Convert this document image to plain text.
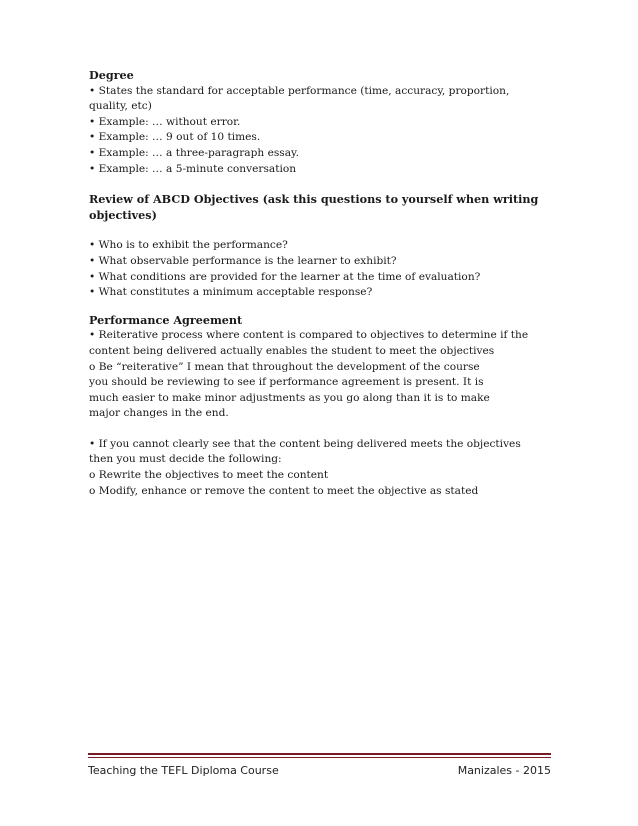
Degree
• States the standard for acceptable performance (time, accuracy, proportion,
quality, etc)
• Example: … without error.
• Example: … 9 out of 10 times.
• Example: … a three-paragraph essay.
• Example: … a 5-minute conversation
Review of ABCD Objectives (ask this questions to yourself when writing objectives)
• Who is to exhibit the performance?
• What observable performance is the learner to exhibit?
• What conditions are provided for the learner at the time of evaluation?
• What constitutes a minimum acceptable response?
Performance Agreement
• Reiterative process where content is compared to objectives to determine if the
content being delivered actually enables the student to meet the objectives
o Be “reiterative” I mean that throughout the development of the course
you should be reviewing to see if performance agreement is present. It is
much easier to make minor adjustments as you go along than it is to make
major changes in the end.
• If you cannot clearly see that the content being delivered meets the objectives
then you must decide the following:
o Rewrite the objectives to meet the content
o Modify, enhance or remove the content to meet the objective as stated
Teaching the TEFL Diploma Course	Manizales - 2015
